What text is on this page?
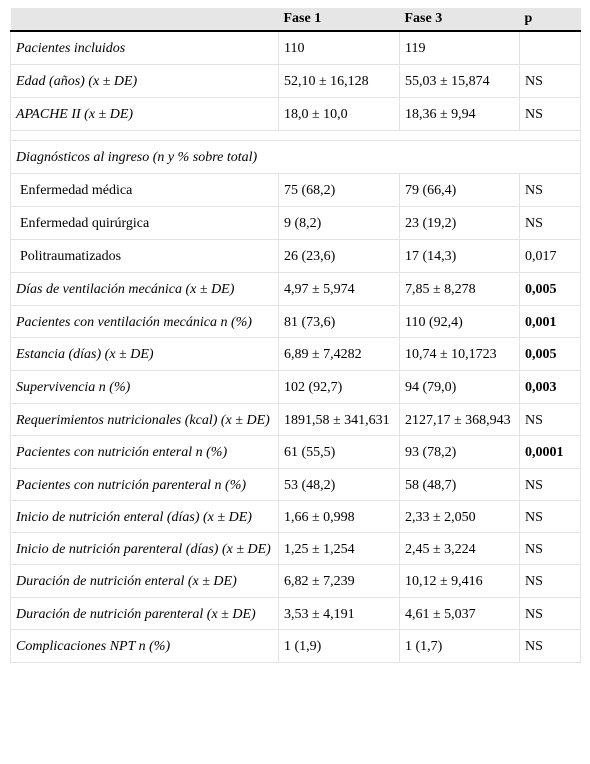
	Fase 1	Fase 3	p
Pacientes incluidos	110	119	
Edad (años) (x ± DE)	52,10 ± 16,128	55,03 ± 15,874	NS
APACHE II (x ± DE)	18,0 ± 10,0	18,36 ± 9,94	NS

Diagnósticos al ingreso (n y % sobre total)			
Enfermedad médica	75 (68,2)	79 (66,4)	NS
Enfermedad quirúrgica	9 (8,2)	23 (19,2)	NS
Politraumatizados	26 (23,6)	17 (14,3)	0,017
Días de ventilación mecánica (x ± DE)	4,97 ± 5,974	7,85 ± 8,278	0,005
Pacientes con ventilación mecánica n (%)	81 (73,6)	110 (92,4)	0,001
Estancia (días) (x ± DE)	6,89 ± 7,4282	10,74 ± 10,1723	0,005
Supervivencia n (%)	102 (92,7)	94 (79,0)	0,003
Requerimientos nutricionales (kcal) (x ± DE)	1891,58 ± 341,631	2127,17 ± 368,943	NS
Pacientes con nutrición enteral n (%)	61 (55,5)	93 (78,2)	0,0001
Pacientes con nutrición parenteral n (%)	53 (48,2)	58 (48,7)	NS
Inicio de nutrición enteral (días) (x ± DE)	1,66 ± 0,998	2,33 ± 2,050	NS
Inicio de nutrición parenteral (días) (x ± DE)	1,25 ± 1,254	2,45 ± 3,224	NS
Duración de nutrición enteral (x ± DE)	6,82 ± 7,239	10,12 ± 9,416	NS
Duración de nutrición parenteral (x ± DE)	3,53 ± 4,191	4,61 ± 5,037	NS
Complicaciones NPT n (%)	1 (1,9)	1 (1,7)	NS
